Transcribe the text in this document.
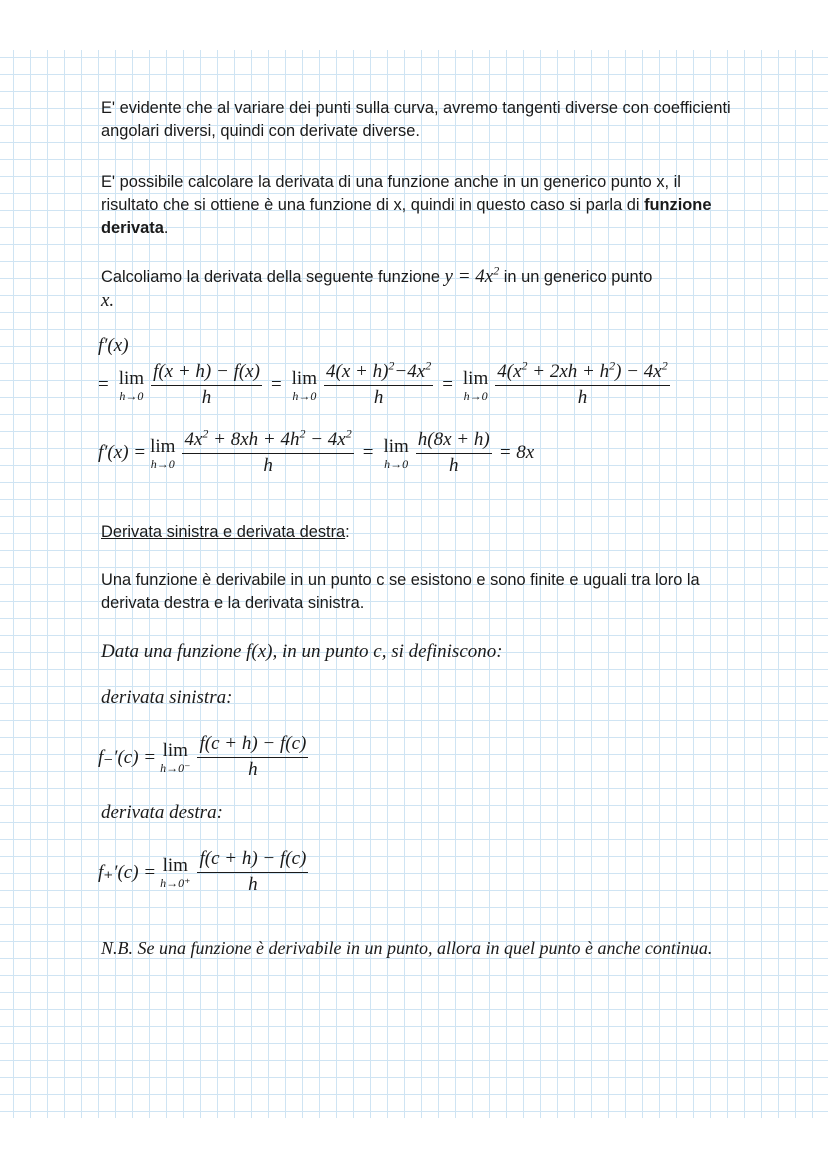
E' evidente che al variare dei punti sulla curva, avremo tangenti diverse con coefficienti angolari diversi, quindi con derivate diverse.
E' possibile calcolare la derivata di una funzione anche in un generico punto x, il risultato che si ottiene è una funzione di x, quindi in questo caso si parla di funzione derivata.
Calcoliamo la derivata della seguente funzione $y = 4x^2$ in un generico punto
x.
f′(x)
= lim
$h\to 0 \frac{f(x + h) - f(x)}{h} = \lim$
$h\to 0 \frac{4(x + h)^2-4x^2}{h} = \lim$
$h\to 0 \frac{4(x^2 + 2xh + h^2) - 4x^2}{h}$
f′(x) = lim
$h\to 0 \frac{4x^2 + 8xh + 4h^2 - 4x^2}{h} = \lim$
$h\to 0 \frac{h(8x + h)}{h} = 8x$
Derivata sinistra e derivata destra:
Una funzione è derivabile in un punto c se esistono e sono finite e uguali tra loro la derivata destra e la derivata sinistra.
Data una funzione f(x), in un punto c, si definiscono:
derivata sinistra:
f₋′(c) = lim
$h\to 0^- \frac{f(c + h) - f(c)}{h}$
derivata destra:
f₊′(c) = lim
$h\to 0^+ \frac{f(c + h) - f(c)}{h}$
N.B. Se una funzione è derivabile in un punto, allora in quel punto è anche continua.
